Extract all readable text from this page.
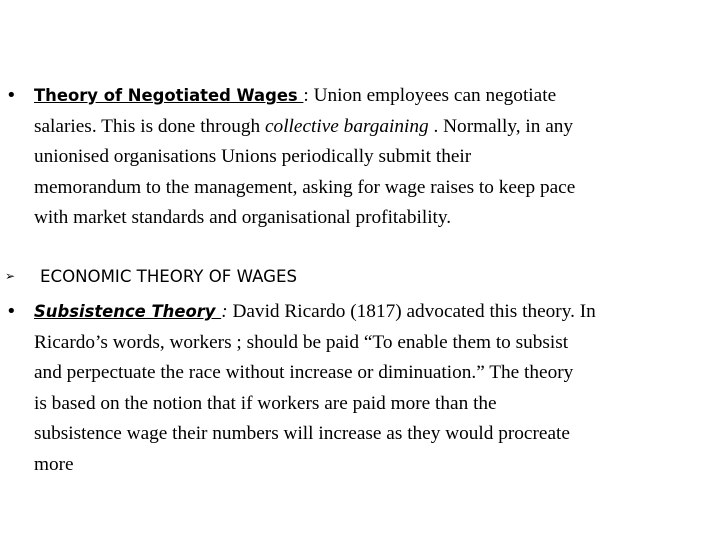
• Theory of Negotiated Wages : Union employees can negotiate
salaries. This is done through collective bargaining . Normally, in any
unionised organisations Unions periodically submit their
memorandum to the management, asking for wage raises to keep pace
with market standards and organisational profitability.
➢ ECONOMIC THEORY OF WAGES
• Subsistence Theory : David Ricardo (1817) advocated this theory. In
Ricardo’s words, workers ; should be paid “To enable them to subsist
and perpectuate the race without increase or diminuation.” The theory
is based on the notion that if workers are paid more than the
subsistence wage their numbers will increase as they would procreate
more
